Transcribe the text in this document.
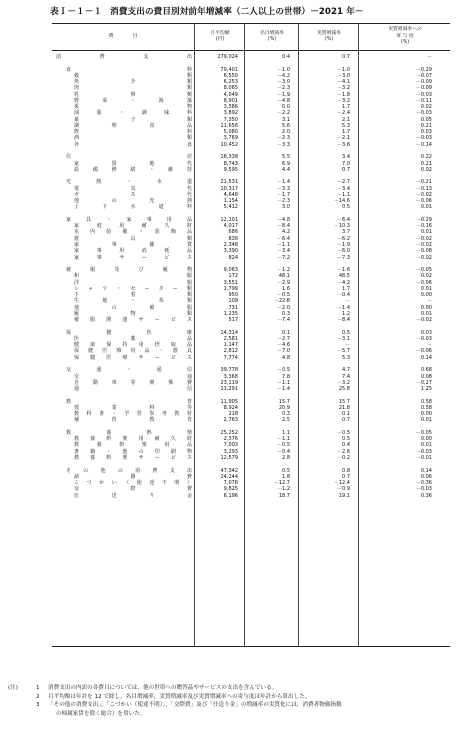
表Ｉ－１－１ 消費支出の費目別対前年増減率（二人以上の世帯）－2021 年－
費　　　　目
月平均額
(円)
名目増減率
(%)
実質増減率
(%)
実質増減率への
寄 与 度
(%)
消	費	支	出	279,024	0.4	0.7	－
食	料	79,401	－1.0	－1.0	－0.29
穀	類	6,550	－4.2	－3.0	－0.07
魚	介	類	6,253	－3.0	－4.1	－0.09
肉	類	8,065	－2.3	－3.2	－0.09
乳	卵	類	4,049	－1.9	－1.8	－0.03
野	菜	・	海	藻	8,901	－4.8	－3.2	－0.11
果	物	3,386	0.0	1.7	0.02
油	脂	・	調	味	料	3,892	－2.2	－2.4	－0.03
菓	子	類	7,350	3.1	2.1	0.05
調	理	食	品	11,656	5.6	5.3	0.21
飲	料	5,080	2.0	1.7	0.03
酒	類	3,769	－2.3	－2.1	－0.03
外	食	10,452	－3.3	－3.6	－0.14
住	居	18,338	5.5	3.4	0.22
家	賃	地	代	8,743	6.9	7.0	0.21
設	備	修	繕	・	維	持	9,595	4.4	0.7	0.02
光	熱	・	水	道	21,531	－1.4	－2.7	－0.21
電	気	代	10,317	－3.3	－3.4	－0.13
ガ	ス	代	4,648	－1.7	－1.1	－0.02
他	の	光	熱	1,154	－2.3	－14.6	－0.06
上	下	水	道	料	5,412	3.0	0.5	0.01
家	具	・	家	事	用	品	12,101	－4.8	－6.4	－0.29
家	庭	用	耐	久	財	4,017	－8.4	－10.3	－0.16
室 内 装 備 ・ 装 飾 品	686	4.2	3.7	0.01
寝	具	類	836	－6.4	－6.2	－0.02
家	事	雑	貨	2,348	－1.1	－1.9	－0.02
家	事	用	消	耗	品	3,390	－3.4	－6.0	－0.08
家	事	サ	ー	ビ	ス	824	－7.2	－7.3	－0.02
被	服	及	び	履	物	9,063	－1.2	－1.6	－0.05
和	服	172	48.1	48.5	0.02
洋	服	3,551	－2.9	－4.2	－0.06
シ ャ ツ ・ セ ー タ ー 類	1,799	1.6	1.7	0.01
下	着	類	950	－0.5	－0.4	0.00
生	地	・	糸	類	108	－22.8	－	－
他	の	被	服	731	－2.0	－1.4	0.00
履	物	類	1,235	0.3	1.2	0.01
被 服 関 連 サ ー ビ ス	517	－7.4	－8.4	－0.02
保	健	医	療	14,314	0.1	0.5	0.03
医	薬	品	2,581	－2.7	－3.1	－0.03
健 康 保 持 用 摂 取 品	1,147	－4.6	－	－
保 健 医 療 用 品 ・ 器 具	2,812	－7.0	－5.7	－0.06
保 健 医 療 サ ー ビ ス	7,774	4.8	5.3	0.14
交	通	・	通	信	39,778	－0.5	4.7	0.68
交	通	3,368	7.8	7.4	0.08
自	動	車	等	関	係	費	23,119	－1.1	－3.2	－0.27
通	信	13,291	－1.4	25.8	1.25
教	育	11,905	15.7	15.7	0.58
授	業	料	等	8,924	20.9	21.8	0.58
教 科 書 ・ 学 習 参 考 教 材	218	0.3	0.1	0.00
補	習	教	育	2,763	2.5	0.7	0.01
教	養	娯	楽	25,252	1.1	－0.5	－0.05
教 養 娯 楽 用 耐 久 財	2,376	－1.1	0.5	0.00
教	養	娯	楽	用	品	7,003	－0.5	0.4	0.01
書 籍 ・ 他 の 印 刷 物	3,293	－0.4	－2.6	－0.03
教 養 娯 楽 サ ー ビ ス	12,579	2.8	－0.2	－0.01
そ の 他 の 消 費 支 出	47,342	0.5	0.8	0.14
諸	雑	費	24,244	1.8	0.7	0.06
こ づ か い （ 使 途 不 明 ）	7,078	－12.7	－12.4	－0.36
交	際	費	9,825	－1.2	－0.9	－0.03
仕	送	り	金	6,196	18.7	19.1	0.36
(注)	1 消費支出の内訳の各費目については，他の世帯への贈答品やサービスの支出を含んでいる。
2 月平均額は年計を 12 で除し，名目増減率，実質増減率及び実質増減率への寄与度は年計から算出した。
3 「その他の消費支出」，「こづかい（使途不明）」，「交際費」及び「仕送り金」の増減率の実質化には，消費者物価指数
の帰属家賃を除く総合）を用いた。
